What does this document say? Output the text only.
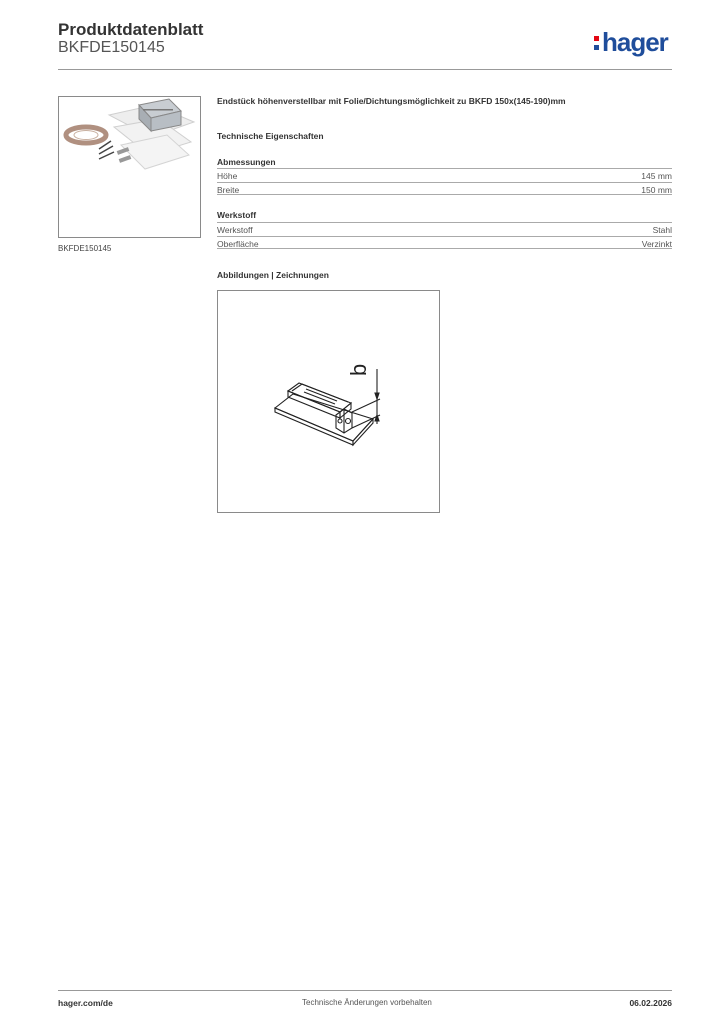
Produktdatenblatt
BKFDE150145	hager
BKFDE150145
Endstück höhenverstellbar mit Folie/Dichtungsmöglichkeit zu BKFD 150x(145-190)mm
Technische Eigenschaften
Abmessungen
Höhe	145 mm
Breite	150 mm
Werkstoff
Werkstoff	Stahl
Oberfläche	Verzinkt
Abbildungen | Zeichnungen
b
hager.com/de	Technische Änderungen vorbehalten	06.02.2026
